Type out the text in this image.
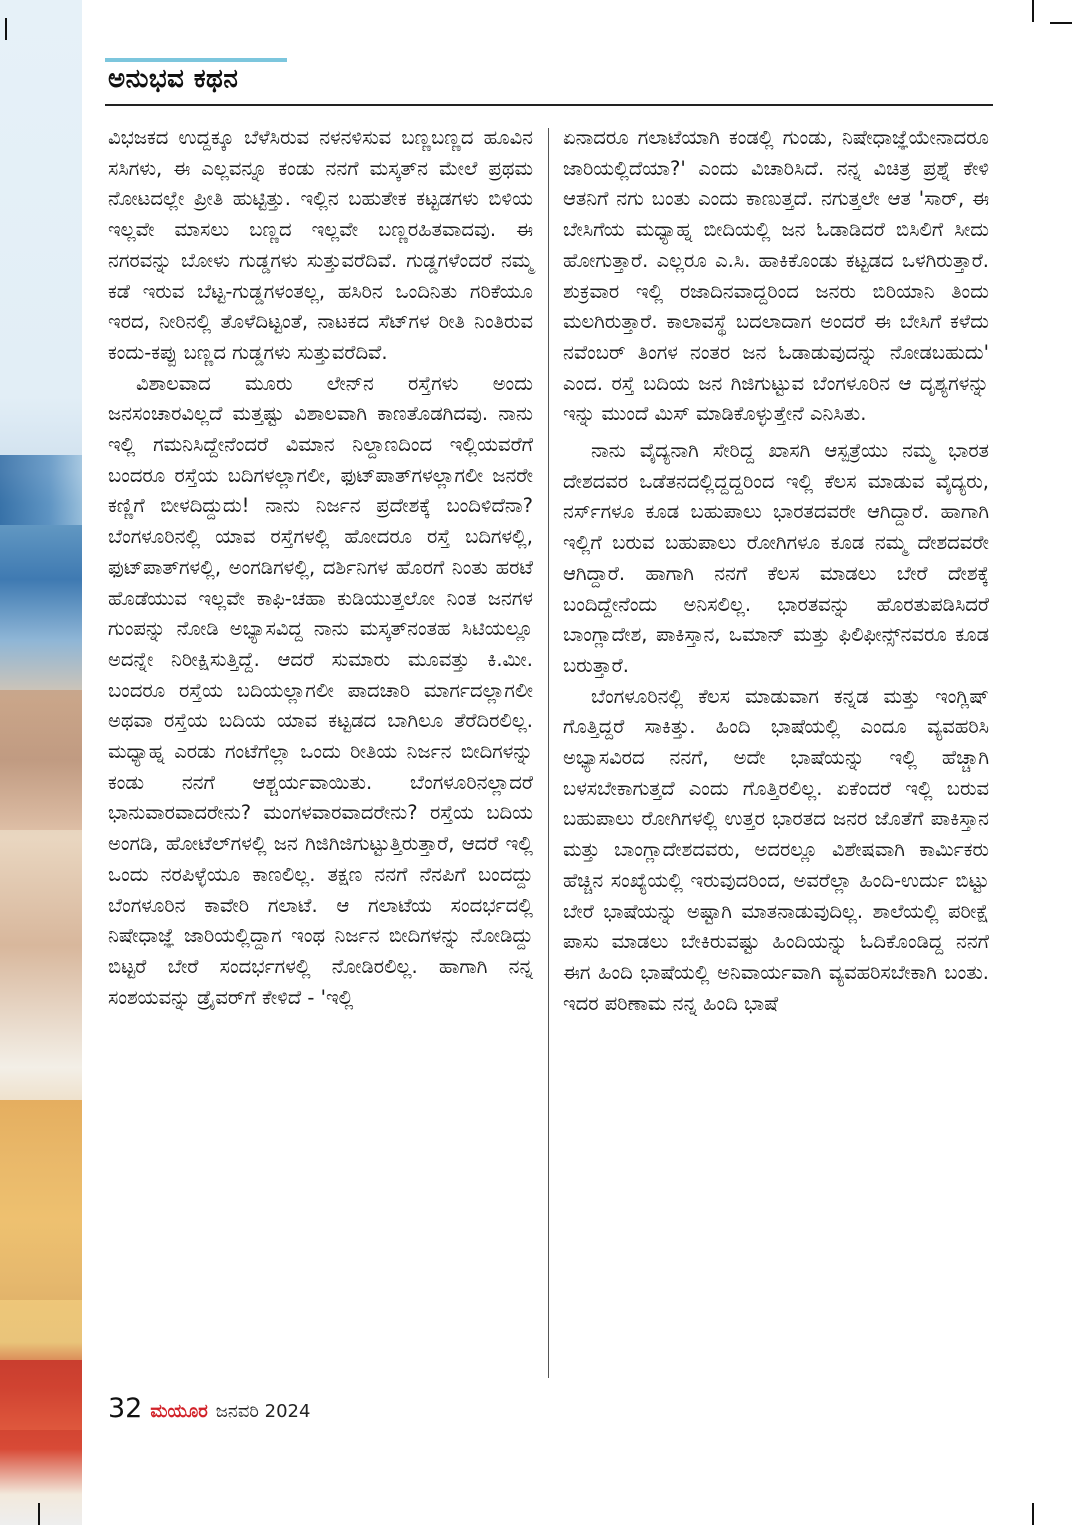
ಅನುಭವ ಕಥನ

ವಿಭಜಕದ ಉದ್ದಕ್ಕೂ ಬೆಳೆಸಿರುವ ನಳನಳಿಸುವ ಬಣ್ಣಬಣ್ಣದ ಹೂವಿನ ಸಸಿಗಳು, ಈ ಎಲ್ಲವನ್ನೂ ಕಂಡು ನನಗೆ ಮಸ್ಕತ್‌ನ ಮೇಲೆ ಪ್ರಥಮ ನೋಟದಲ್ಲೇ ಪ್ರೀತಿ ಹುಟ್ಟಿತ್ತು. ಇಲ್ಲಿನ ಬಹುತೇಕ ಕಟ್ಟಡಗಳು ಬಿಳಿಯ ಇಲ್ಲವೇ ಮಾಸಲು ಬಣ್ಣದ ಇಲ್ಲವೇ ಬಣ್ಣರಹಿತವಾದವು. ಈ ನಗರವನ್ನು ಬೋಳು ಗುಡ್ಡಗಳು ಸುತ್ತುವರೆದಿವೆ. ಗುಡ್ಡಗಳೆಂದರೆ ನಮ್ಮ ಕಡೆ ಇರುವ ಬೆಟ್ಟ-ಗುಡ್ಡಗಳಂತಲ್ಲ, ಹಸಿರಿನ ಒಂದಿನಿತು ಗರಿಕೆಯೂ ಇರದ, ನೀರಿನಲ್ಲಿ ತೊಳೆದಿಟ್ಟಂತೆ, ನಾಟಕದ ಸೆಟ್‌ಗಳ ರೀತಿ ನಿಂತಿರುವ ಕಂದು-ಕಪ್ಪು ಬಣ್ಣದ ಗುಡ್ಡಗಳು ಸುತ್ತುವರೆದಿವೆ.

ವಿಶಾಲವಾದ ಮೂರು ಲೇನ್‌ನ ರಸ್ತೆಗಳು ಅಂದು ಜನಸಂಚಾರವಿಲ್ಲದೆ ಮತ್ತಷ್ಟು ವಿಶಾಲವಾಗಿ ಕಾಣತೊಡಗಿದವು. ನಾನು ಇಲ್ಲಿ ಗಮನಿಸಿದ್ದೇನೆಂದರೆ ವಿಮಾನ ನಿಲ್ದಾಣದಿಂದ ಇಲ್ಲಿಯವರೆಗೆ ಬಂದರೂ ರಸ್ತೆಯ ಬದಿಗಳಲ್ಲಾಗಲೀ, ಫುಟ್‌ಪಾತ್‌ಗಳಲ್ಲಾಗಲೀ ಜನರೇ ಕಣ್ಣಿಗೆ ಬೀಳದಿದ್ದುದು! ನಾನು ನಿರ್ಜನ ಪ್ರದೇಶಕ್ಕೆ ಬಂದಿಳಿದೆನಾ? ಬೆಂಗಳೂರಿನಲ್ಲಿ ಯಾವ ರಸ್ತೆಗಳಲ್ಲಿ ಹೋದರೂ ರಸ್ತೆ ಬದಿಗಳಲ್ಲಿ, ಫುಟ್‌ಪಾತ್‌ಗಳಲ್ಲಿ, ಅಂಗಡಿಗಳಲ್ಲಿ, ದರ್ಶಿನಿಗಳ ಹೊರಗೆ ನಿಂತು ಹರಟೆ ಹೊಡೆಯುವ ಇಲ್ಲವೇ ಕಾಫಿ-ಚಹಾ ಕುಡಿಯುತ್ತಲೋ ನಿಂತ ಜನಗಳ ಗುಂಪನ್ನು ನೋಡಿ ಅಭ್ಯಾಸವಿದ್ದ ನಾನು ಮಸ್ಕತ್‌ನಂತಹ ಸಿಟಿಯಲ್ಲೂ ಅದನ್ನೇ ನಿರೀಕ್ಷಿಸುತ್ತಿದ್ದೆ. ಆದರೆ ಸುಮಾರು ಮೂವತ್ತು ಕಿ.ಮೀ. ಬಂದರೂ ರಸ್ತೆಯ ಬದಿಯಲ್ಲಾಗಲೀ ಪಾದಚಾರಿ ಮಾರ್ಗದಲ್ಲಾಗಲೀ ಅಥವಾ ರಸ್ತೆಯ ಬದಿಯ ಯಾವ ಕಟ್ಟಡದ ಬಾಗಿಲೂ ತೆರೆದಿರಲಿಲ್ಲ. ಮಧ್ಯಾಹ್ನ ಎರಡು ಗಂಟೆಗೆಲ್ಲಾ ಒಂದು ರೀತಿಯ ನಿರ್ಜನ ಬೀದಿಗಳನ್ನು ಕಂಡು ನನಗೆ ಆಶ್ಚರ್ಯವಾಯಿತು. ಬೆಂಗಳೂರಿನಲ್ಲಾದರೆ ಭಾನುವಾರವಾದರೇನು? ಮಂಗಳವಾರವಾದರೇನು? ರಸ್ತೆಯ ಬದಿಯ ಅಂಗಡಿ, ಹೋಟೆಲ್‌ಗಳಲ್ಲಿ ಜನ ಗಿಜಿಗಿಜಿಗುಟ್ಟುತ್ತಿರುತ್ತಾರೆ, ಆದರೆ ಇಲ್ಲಿ ಒಂದು ನರಪಿಳ್ಳೆಯೂ ಕಾಣಲಿಲ್ಲ. ತಕ್ಷಣ ನನಗೆ ನೆನಪಿಗೆ ಬಂದದ್ದು ಬೆಂಗಳೂರಿನ ಕಾವೇರಿ ಗಲಾಟೆ. ಆ ಗಲಾಟೆಯ ಸಂದರ್ಭದಲ್ಲಿ ನಿಷೇಧಾಜ್ಞೆ ಜಾರಿಯಲ್ಲಿದ್ದಾಗ ಇಂಥ ನಿರ್ಜನ ಬೀದಿಗಳನ್ನು ನೋಡಿದ್ದು ಬಿಟ್ಟರೆ ಬೇರೆ ಸಂದರ್ಭಗಳಲ್ಲಿ ನೋಡಿರಲಿಲ್ಲ. ಹಾಗಾಗಿ ನನ್ನ ಸಂಶಯವನ್ನು ಡ್ರೈವರ್‌ಗೆ ಕೇಳಿದೆ - 'ಇಲ್ಲಿ

ಏನಾದರೂ ಗಲಾಟೆಯಾಗಿ ಕಂಡಲ್ಲಿ ಗುಂಡು, ನಿಷೇಧಾಜ್ಞೆಯೇನಾದರೂ ಜಾರಿಯಲ್ಲಿದೆಯಾ?' ಎಂದು ವಿಚಾರಿಸಿದೆ. ನನ್ನ ವಿಚಿತ್ರ ಪ್ರಶ್ನೆ ಕೇಳಿ ಆತನಿಗೆ ನಗು ಬಂತು ಎಂದು ಕಾಣುತ್ತದೆ. ನಗುತ್ತಲೇ ಆತ 'ಸಾರ್, ಈ ಬೇಸಿಗೆಯ ಮಧ್ಯಾಹ್ನ ಬೀದಿಯಲ್ಲಿ ಜನ ಓಡಾಡಿದರೆ ಬಿಸಿಲಿಗೆ ಸೀದು ಹೋಗುತ್ತಾರೆ. ಎಲ್ಲರೂ ಎ.ಸಿ. ಹಾಕಿಕೊಂಡು ಕಟ್ಟಡದ ಒಳಗಿರುತ್ತಾರೆ. ಶುಕ್ರವಾರ ಇಲ್ಲಿ ರಜಾದಿನವಾದ್ದರಿಂದ ಜನರು ಬಿರಿಯಾನಿ ತಿಂದು ಮಲಗಿರುತ್ತಾರೆ. ಕಾಲಾವಸ್ಥೆ ಬದಲಾದಾಗ ಅಂದರೆ ಈ ಬೇಸಿಗೆ ಕಳೆದು ನವೆಂಬರ್ ತಿಂಗಳ ನಂತರ ಜನ ಓಡಾಡುವುದನ್ನು ನೋಡಬಹುದು' ಎಂದ. ರಸ್ತೆ ಬದಿಯ ಜನ ಗಿಜಿಗುಟ್ಟುವ ಬೆಂಗಳೂರಿನ ಆ ದೃಶ್ಯಗಳನ್ನು ಇನ್ನು ಮುಂದೆ ಮಿಸ್ ಮಾಡಿಕೊಳ್ಳುತ್ತೇನೆ ಎನಿಸಿತು.

ನಾನು ವೈದ್ಯನಾಗಿ ಸೇರಿದ್ದ ಖಾಸಗಿ ಆಸ್ಪತ್ರೆಯು ನಮ್ಮ ಭಾರತ ದೇಶದವರ ಒಡೆತನದಲ್ಲಿದ್ದದ್ದರಿಂದ ಇಲ್ಲಿ ಕೆಲಸ ಮಾಡುವ ವೈದ್ಯರು, ನರ್ಸ್‌ಗಳೂ ಕೂಡ ಬಹುಪಾಲು ಭಾರತದವರೇ ಆಗಿದ್ದಾರೆ. ಹಾಗಾಗಿ ಇಲ್ಲಿಗೆ ಬರುವ ಬಹುಪಾಲು ರೋಗಿಗಳೂ ಕೂಡ ನಮ್ಮ ದೇಶದವರೇ ಆಗಿದ್ದಾರೆ. ಹಾಗಾಗಿ ನನಗೆ ಕೆಲಸ ಮಾಡಲು ಬೇರೆ ದೇಶಕ್ಕೆ ಬಂದಿದ್ದೇನೆಂದು ಅನಿಸಲಿಲ್ಲ. ಭಾರತವನ್ನು ಹೊರತುಪಡಿಸಿದರೆ ಬಾಂಗ್ಲಾದೇಶ, ಪಾಕಿಸ್ತಾನ, ಒಮಾನ್ ಮತ್ತು ಫಿಲಿಫೀನ್ಸ್‌ನವರೂ ಕೂಡ ಬರುತ್ತಾರೆ.

ಬೆಂಗಳೂರಿನಲ್ಲಿ ಕೆಲಸ ಮಾಡುವಾಗ ಕನ್ನಡ ಮತ್ತು ಇಂಗ್ಲಿಷ್ ಗೊತ್ತಿದ್ದರೆ ಸಾಕಿತ್ತು. ಹಿಂದಿ ಭಾಷೆಯಲ್ಲಿ ಎಂದೂ ವ್ಯವಹರಿಸಿ ಅಭ್ಯಾಸವಿರದ ನನಗೆ, ಅದೇ ಭಾಷೆಯನ್ನು ಇಲ್ಲಿ ಹೆಚ್ಚಾಗಿ ಬಳಸಬೇಕಾಗುತ್ತದೆ ಎಂದು ಗೊತ್ತಿರಲಿಲ್ಲ. ಏಕೆಂದರೆ ಇಲ್ಲಿ ಬರುವ ಬಹುಪಾಲು ರೋಗಿಗಳಲ್ಲಿ ಉತ್ತರ ಭಾರತದ ಜನರ ಜೊತೆಗೆ ಪಾಕಿಸ್ತಾನ ಮತ್ತು ಬಾಂಗ್ಲಾದೇಶದವರು, ಅದರಲ್ಲೂ ವಿಶೇಷವಾಗಿ ಕಾರ್ಮಿಕರು ಹೆಚ್ಚಿನ ಸಂಖ್ಯೆಯಲ್ಲಿ ಇರುವುದರಿಂದ, ಅವರೆಲ್ಲಾ ಹಿಂದಿ-ಉರ್ದು ಬಿಟ್ಟು ಬೇರೆ ಭಾಷೆಯನ್ನು ಅಷ್ಟಾಗಿ ಮಾತನಾಡುವುದಿಲ್ಲ. ಶಾಲೆಯಲ್ಲಿ ಪರೀಕ್ಷೆ ಪಾಸು ಮಾಡಲು ಬೇಕಿರುವಷ್ಟು ಹಿಂದಿಯನ್ನು ಓದಿಕೊಂಡಿದ್ದ ನನಗೆ ಈಗ ಹಿಂದಿ ಭಾಷೆಯಲ್ಲಿ ಅನಿವಾರ್ಯವಾಗಿ ವ್ಯವಹರಿಸಬೇಕಾಗಿ ಬಂತು. ಇದರ ಪರಿಣಾಮ ನನ್ನ ಹಿಂದಿ ಭಾಷೆ

32 ಮಯೂರ ಜನವರಿ 2024
